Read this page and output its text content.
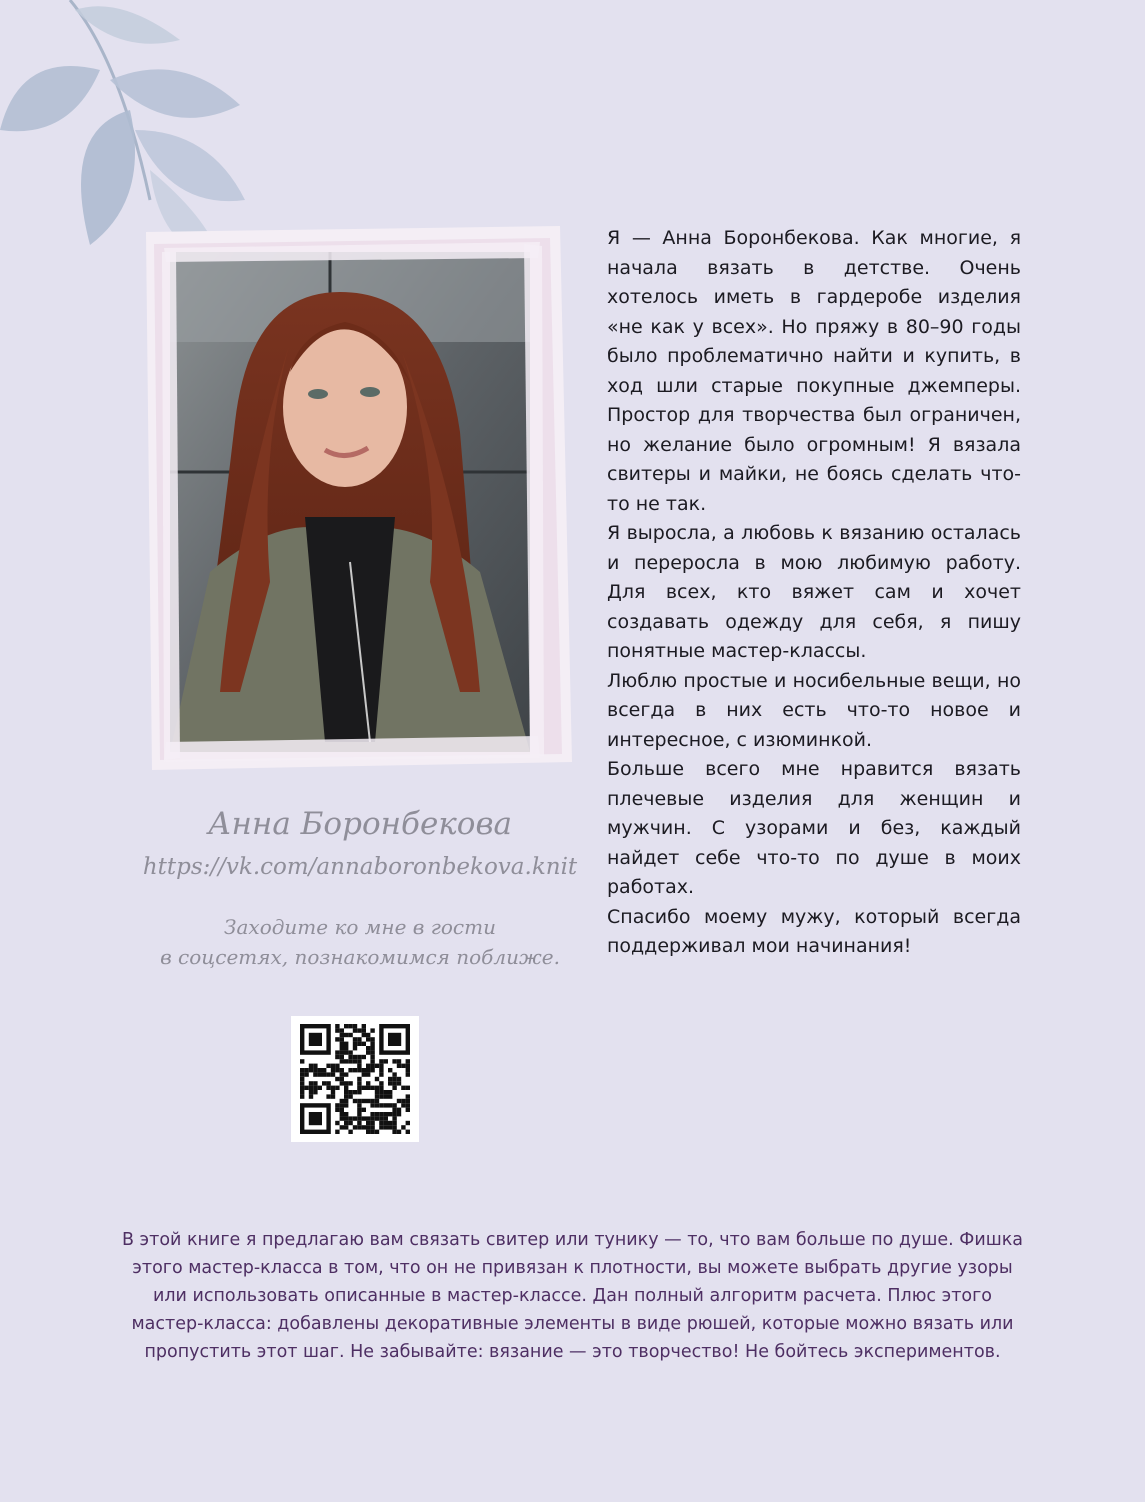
Анна Боронбекова
https://vk.com/annaboronbekova.knit
Заходите ко мне в гости
в соцсетях, познакомимся поближе.

Я — Анна Боронбекова. Как многие, я начала вязать в детстве. Очень хотелось иметь в гардеробе изделия «не как у всех». Но пряжу в 80–90 годы было проблематично найти и купить, в ход шли старые покупные джемперы. Простор для творчества был ограничен, но желание было огромным! Я вязала свитеры и майки, не боясь сделать что-то не так.

Я выросла, а любовь к вязанию осталась и переросла в мою любимую работу. Для всех, кто вяжет сам и хочет создавать одежду для себя, я пишу понятные мастер-классы.

Люблю простые и носибельные вещи, но всегда в них есть что-то новое и интересное, с изюминкой.

Больше всего мне нравится вязать плечевые изделия для женщин и мужчин. С узорами и без, каждый найдет себе что-то по душе в моих работах.

Спасибо моему мужу, который всегда поддерживал мои начинания!

В этой книге я предлагаю вам связать свитер или тунику — то, что вам больше по душе. Фишка этого мастер-класса в том, что он не привязан к плотности, вы можете выбрать другие узоры или использовать описанные в мастер-классе. Дан полный алгоритм расчета. Плюс этого мастер-класса: добавлены декоративные элементы в виде рюшей, которые можно вязать или пропустить этот шаг. Не забывайте: вязание — это творчество! Не бойтесь экспериментов.
